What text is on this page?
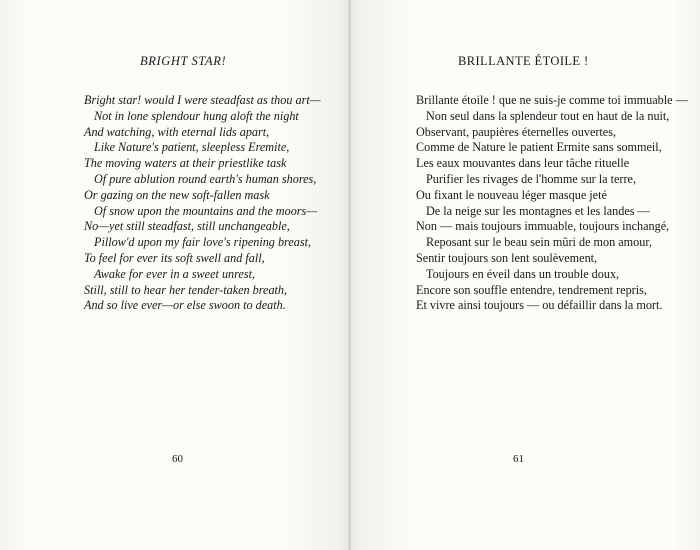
BRIGHT STAR!
Bright star! would I were steadfast as thou art—
Not in lone splendour hung aloft the night
And watching, with eternal lids apart,
Like Nature's patient, sleepless Eremite,
The moving waters at their priestlike task
Of pure ablution round earth's human shores,
Or gazing on the new soft-fallen mask
Of snow upon the mountains and the moors—
No—yet still steadfast, still unchangeable,
Pillow'd upon my fair love's ripening breast,
To feel for ever its soft swell and fall,
Awake for ever in a sweet unrest,
Still, still to hear her tender-taken breath,
And so live ever—or else swoon to death.
60
BRILLANTE ÉTOILE !
Brillante étoile ! que ne suis-je comme toi immuable —
Non seul dans la splendeur tout en haut de la nuit,
Observant, paupières éternelles ouvertes,
Comme de Nature le patient Ermite sans sommeil,
Les eaux mouvantes dans leur tâche rituelle
Purifier les rivages de l'homme sur la terre,
Ou fixant le nouveau léger masque jeté
De la neige sur les montagnes et les landes —
Non — mais toujours immuable, toujours inchangé,
Reposant sur le beau sein mûri de mon amour,
Sentir toujours son lent soulèvement,
Toujours en éveil dans un trouble doux,
Encore son souffle entendre, tendrement repris,
Et vivre ainsi toujours — ou défaillir dans la mort.
61
